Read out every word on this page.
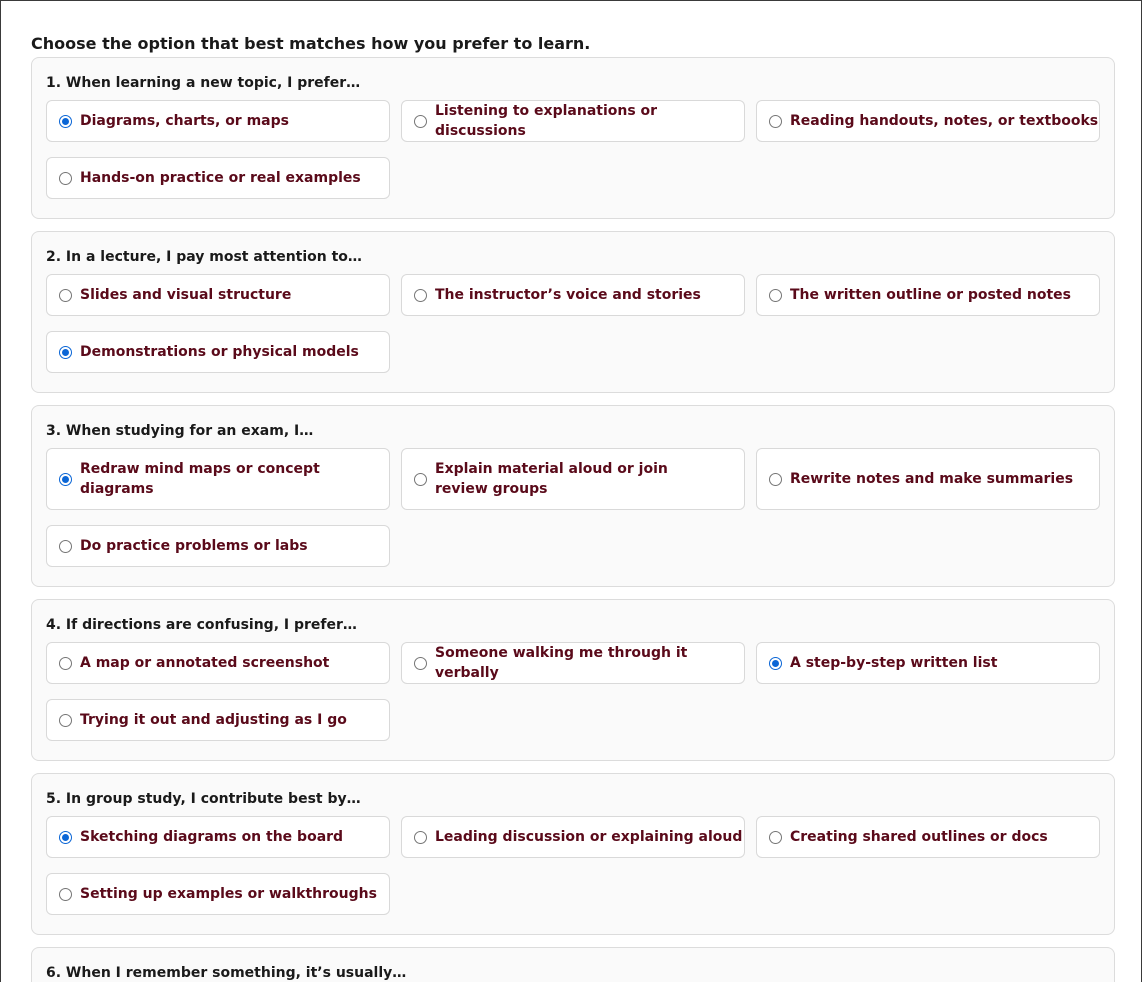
Choose the option that best matches how you prefer to learn.
1. When learning a new topic, I prefer…
Diagrams, charts, or maps
Listening to explanations or discussions
Reading handouts, notes, or textbooks
Hands-on practice or real examples
2. In a lecture, I pay most attention to…
Slides and visual structure	The instructor’s voice and stories	The written outline or posted notes
Demonstrations or physical models
3. When studying for an exam, I…
Redraw mind maps or concept diagrams
Explain material aloud or join review groups
Rewrite notes and make summaries
Do practice problems or labs
4. If directions are confusing, I prefer…
A map or annotated screenshot
Someone walking me through it verbally
A step-by-step written list
Trying it out and adjusting as I go
5. In group study, I contribute best by…
Sketching diagrams on the board	Leading discussion or explaining aloud	Creating shared outlines or docs
Setting up examples or walkthroughs
6. When I remember something, it’s usually…
